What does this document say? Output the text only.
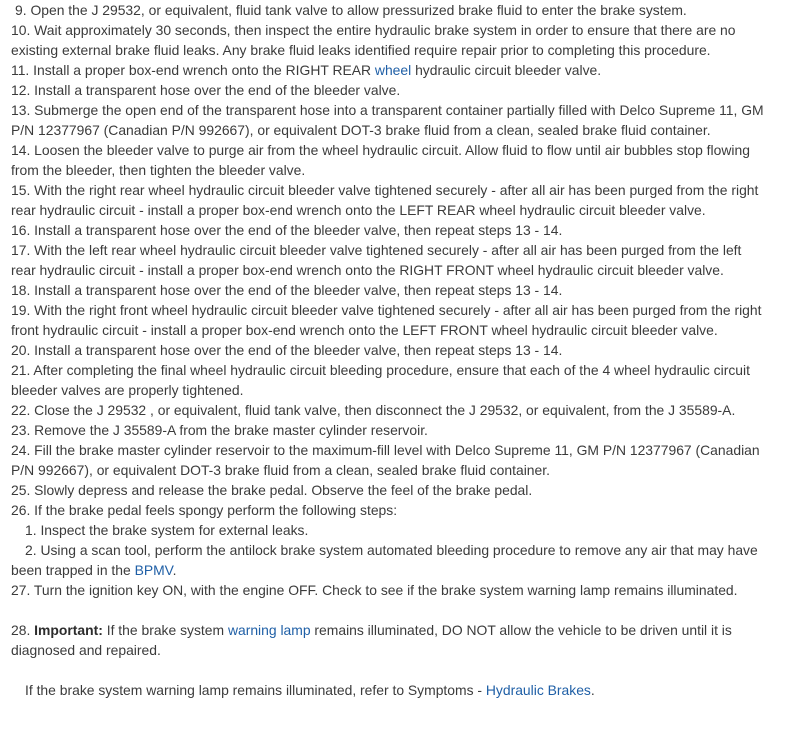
9. Open the J 29532, or equivalent, fluid tank valve to allow pressurized brake fluid to enter the brake system.
10. Wait approximately 30 seconds, then inspect the entire hydraulic brake system in order to ensure that there are no
existing external brake fluid leaks. Any brake fluid leaks identified require repair prior to completing this procedure.
11. Install a proper box-end wrench onto the RIGHT REAR wheel hydraulic circuit bleeder valve.
12. Install a transparent hose over the end of the bleeder valve.
13. Submerge the open end of the transparent hose into a transparent container partially filled with Delco Supreme 11, GM
P/N 12377967 (Canadian P/N 992667), or equivalent DOT-3 brake fluid from a clean, sealed brake fluid container.
14. Loosen the bleeder valve to purge air from the wheel hydraulic circuit. Allow fluid to flow until air bubbles stop flowing
from the bleeder, then tighten the bleeder valve.
15. With the right rear wheel hydraulic circuit bleeder valve tightened securely - after all air has been purged from the right
rear hydraulic circuit - install a proper box-end wrench onto the LEFT REAR wheel hydraulic circuit bleeder valve.
16. Install a transparent hose over the end of the bleeder valve, then repeat steps 13 - 14.
17. With the left rear wheel hydraulic circuit bleeder valve tightened securely - after all air has been purged from the left
rear hydraulic circuit - install a proper box-end wrench onto the RIGHT FRONT wheel hydraulic circuit bleeder valve.
18. Install a transparent hose over the end of the bleeder valve, then repeat steps 13 - 14.
19. With the right front wheel hydraulic circuit bleeder valve tightened securely - after all air has been purged from the right
front hydraulic circuit - install a proper box-end wrench onto the LEFT FRONT wheel hydraulic circuit bleeder valve.
20. Install a transparent hose over the end of the bleeder valve, then repeat steps 13 - 14.
21. After completing the final wheel hydraulic circuit bleeding procedure, ensure that each of the 4 wheel hydraulic circuit
bleeder valves are properly tightened.
22. Close the J 29532 , or equivalent, fluid tank valve, then disconnect the J 29532, or equivalent, from the J 35589-A.
23. Remove the J 35589-A from the brake master cylinder reservoir.
24. Fill the brake master cylinder reservoir to the maximum-fill level with Delco Supreme 11, GM P/N 12377967 (Canadian
P/N 992667), or equivalent DOT-3 brake fluid from a clean, sealed brake fluid container.
25. Slowly depress and release the brake pedal. Observe the feel of the brake pedal.
26. If the brake pedal feels spongy perform the following steps:
1. Inspect the brake system for external leaks.
2. Using a scan tool, perform the antilock brake system automated bleeding procedure to remove any air that may have
been trapped in the BPMV.
27. Turn the ignition key ON, with the engine OFF. Check to see if the brake system warning lamp remains illuminated.
28. Important: If the brake system warning lamp remains illuminated, DO NOT allow the vehicle to be driven until it is
diagnosed and repaired.
If the brake system warning lamp remains illuminated, refer to Symptoms - Hydraulic Brakes.
